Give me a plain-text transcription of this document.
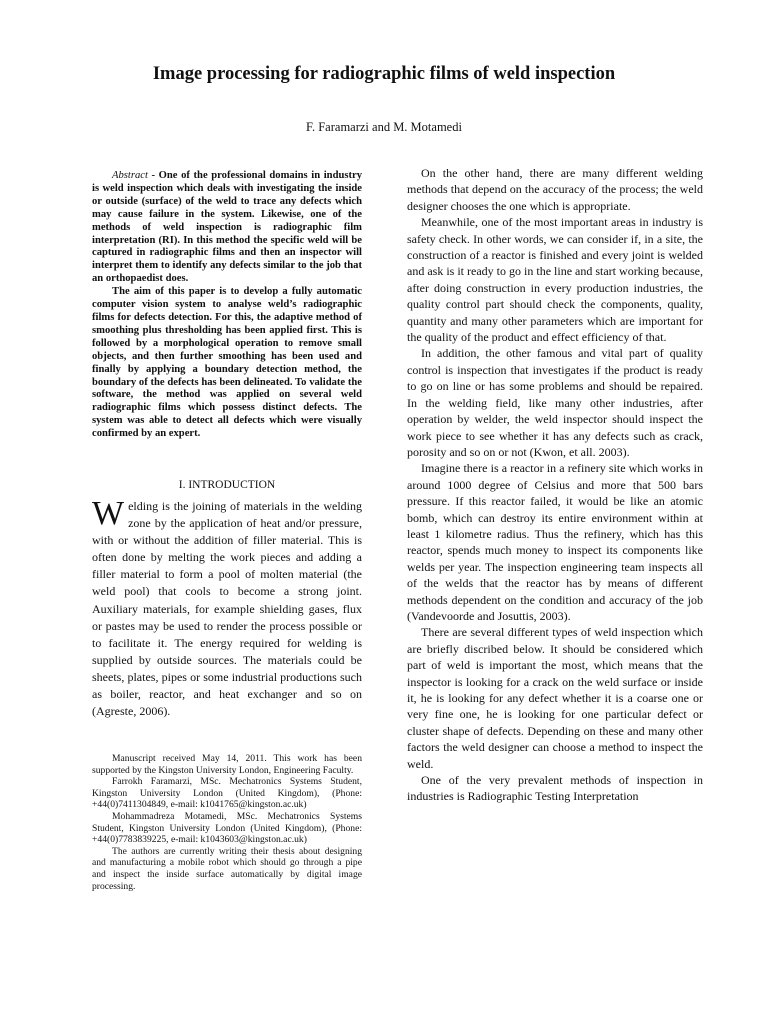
Image processing for radiographic films of weld inspection
F. Faramarzi and M. Motamedi

Abstract - One of the professional domains in industry is weld inspection which deals with investigating the inside or outside (surface) of the weld to trace any defects which may cause failure in the system. Likewise, one of the methods of weld inspection is radiographic film interpretation (RI). In this method the specific weld will be captured in radiographic films and then an inspector will interpret them to identify any defects similar to the job that an orthopaedist does.

The aim of this paper is to develop a fully automatic computer vision system to analyse weld’s radiographic films for defects detection. For this, the adaptive method of smoothing plus thresholding has been applied first. This is followed by a morphological operation to remove small objects, and then further smoothing has been used and finally by applying a boundary detection method, the boundary of the defects has been delineated. To validate the software, the method was applied on several weld radiographic films which possess distinct defects. The system was able to detect all defects which were visually confirmed by an expert.

I. INTRODUCTION

Welding is the joining of materials in the welding zone by the application of heat and/or pressure, with or without the addition of filler material. This is often done by melting the work pieces and adding a filler material to form a pool of molten material (the weld pool) that cools to become a strong joint. Auxiliary materials, for example shielding gases, flux or pastes may be used to render the process possible or to facilitate it. The energy required for welding is supplied by outside sources. The materials could be sheets, plates, pipes or some industrial productions such as boiler, reactor, and heat exchanger and so on (Agreste, 2006).

Manuscript received May 14, 2011. This work has been supported by the Kingston University London, Engineering Faculty.

Farrokh Faramarzi, MSc. Mechatronics Systems Student, Kingston University London (United Kingdom), (Phone: +44(0)7411304849, e-mail: k1041765@kingston.ac.uk)

Mohammadreza Motamedi, MSc. Mechatronics Systems Student, Kingston University London (United Kingdom), (Phone: +44(0)7783839225, e-mail: k1043603@kingston.ac.uk)

The authors are currently writing their thesis about designing and manufacturing a mobile robot which should go through a pipe and inspect the inside surface automatically by digital image processing.

On the other hand, there are many different welding methods that depend on the accuracy of the process; the weld designer chooses the one which is appropriate.

Meanwhile, one of the most important areas in industry is safety check. In other words, we can consider if, in a site, the construction of a reactor is finished and every joint is welded and ask is it ready to go in the line and start working because, after doing construction in every production industries, the quality control part should check the components, quality, quantity and many other parameters which are important for the quality of the product and effect efficiency of that.

In addition, the other famous and vital part of quality control is inspection that investigates if the product is ready to go on line or has some problems and should be repaired. In the welding field, like many other industries, after operation by welder, the weld inspector should inspect the work piece to see whether it has any defects such as crack, porosity and so on or not (Kwon, et all. 2003).

Imagine there is a reactor in a refinery site which works in around 1000 degree of Celsius and more that 500 bars pressure. If this reactor failed, it would be like an atomic bomb, which can destroy its entire environment within at least 1 kilometre radius. Thus the refinery, which has this reactor, spends much money to inspect its components like welds per year. The inspection engineering team inspects all of the welds that the reactor has by means of different methods dependent on the condition and accuracy of the job (Vandevoorde and Josuttis, 2003).

There are several different types of weld inspection which are briefly discribed below. It should be considered which part of weld is important the most, which means that the inspector is looking for a crack on the weld surface or inside it, he is looking for any defect whether it is a coarse one or very fine one, he is looking for one particular defect or cluster shape of defects. Depending on these and many other factors the weld designer can choose a method to inspect the weld.

One of the very prevalent methods of inspection in industries is Radiographic Testing Interpretation
